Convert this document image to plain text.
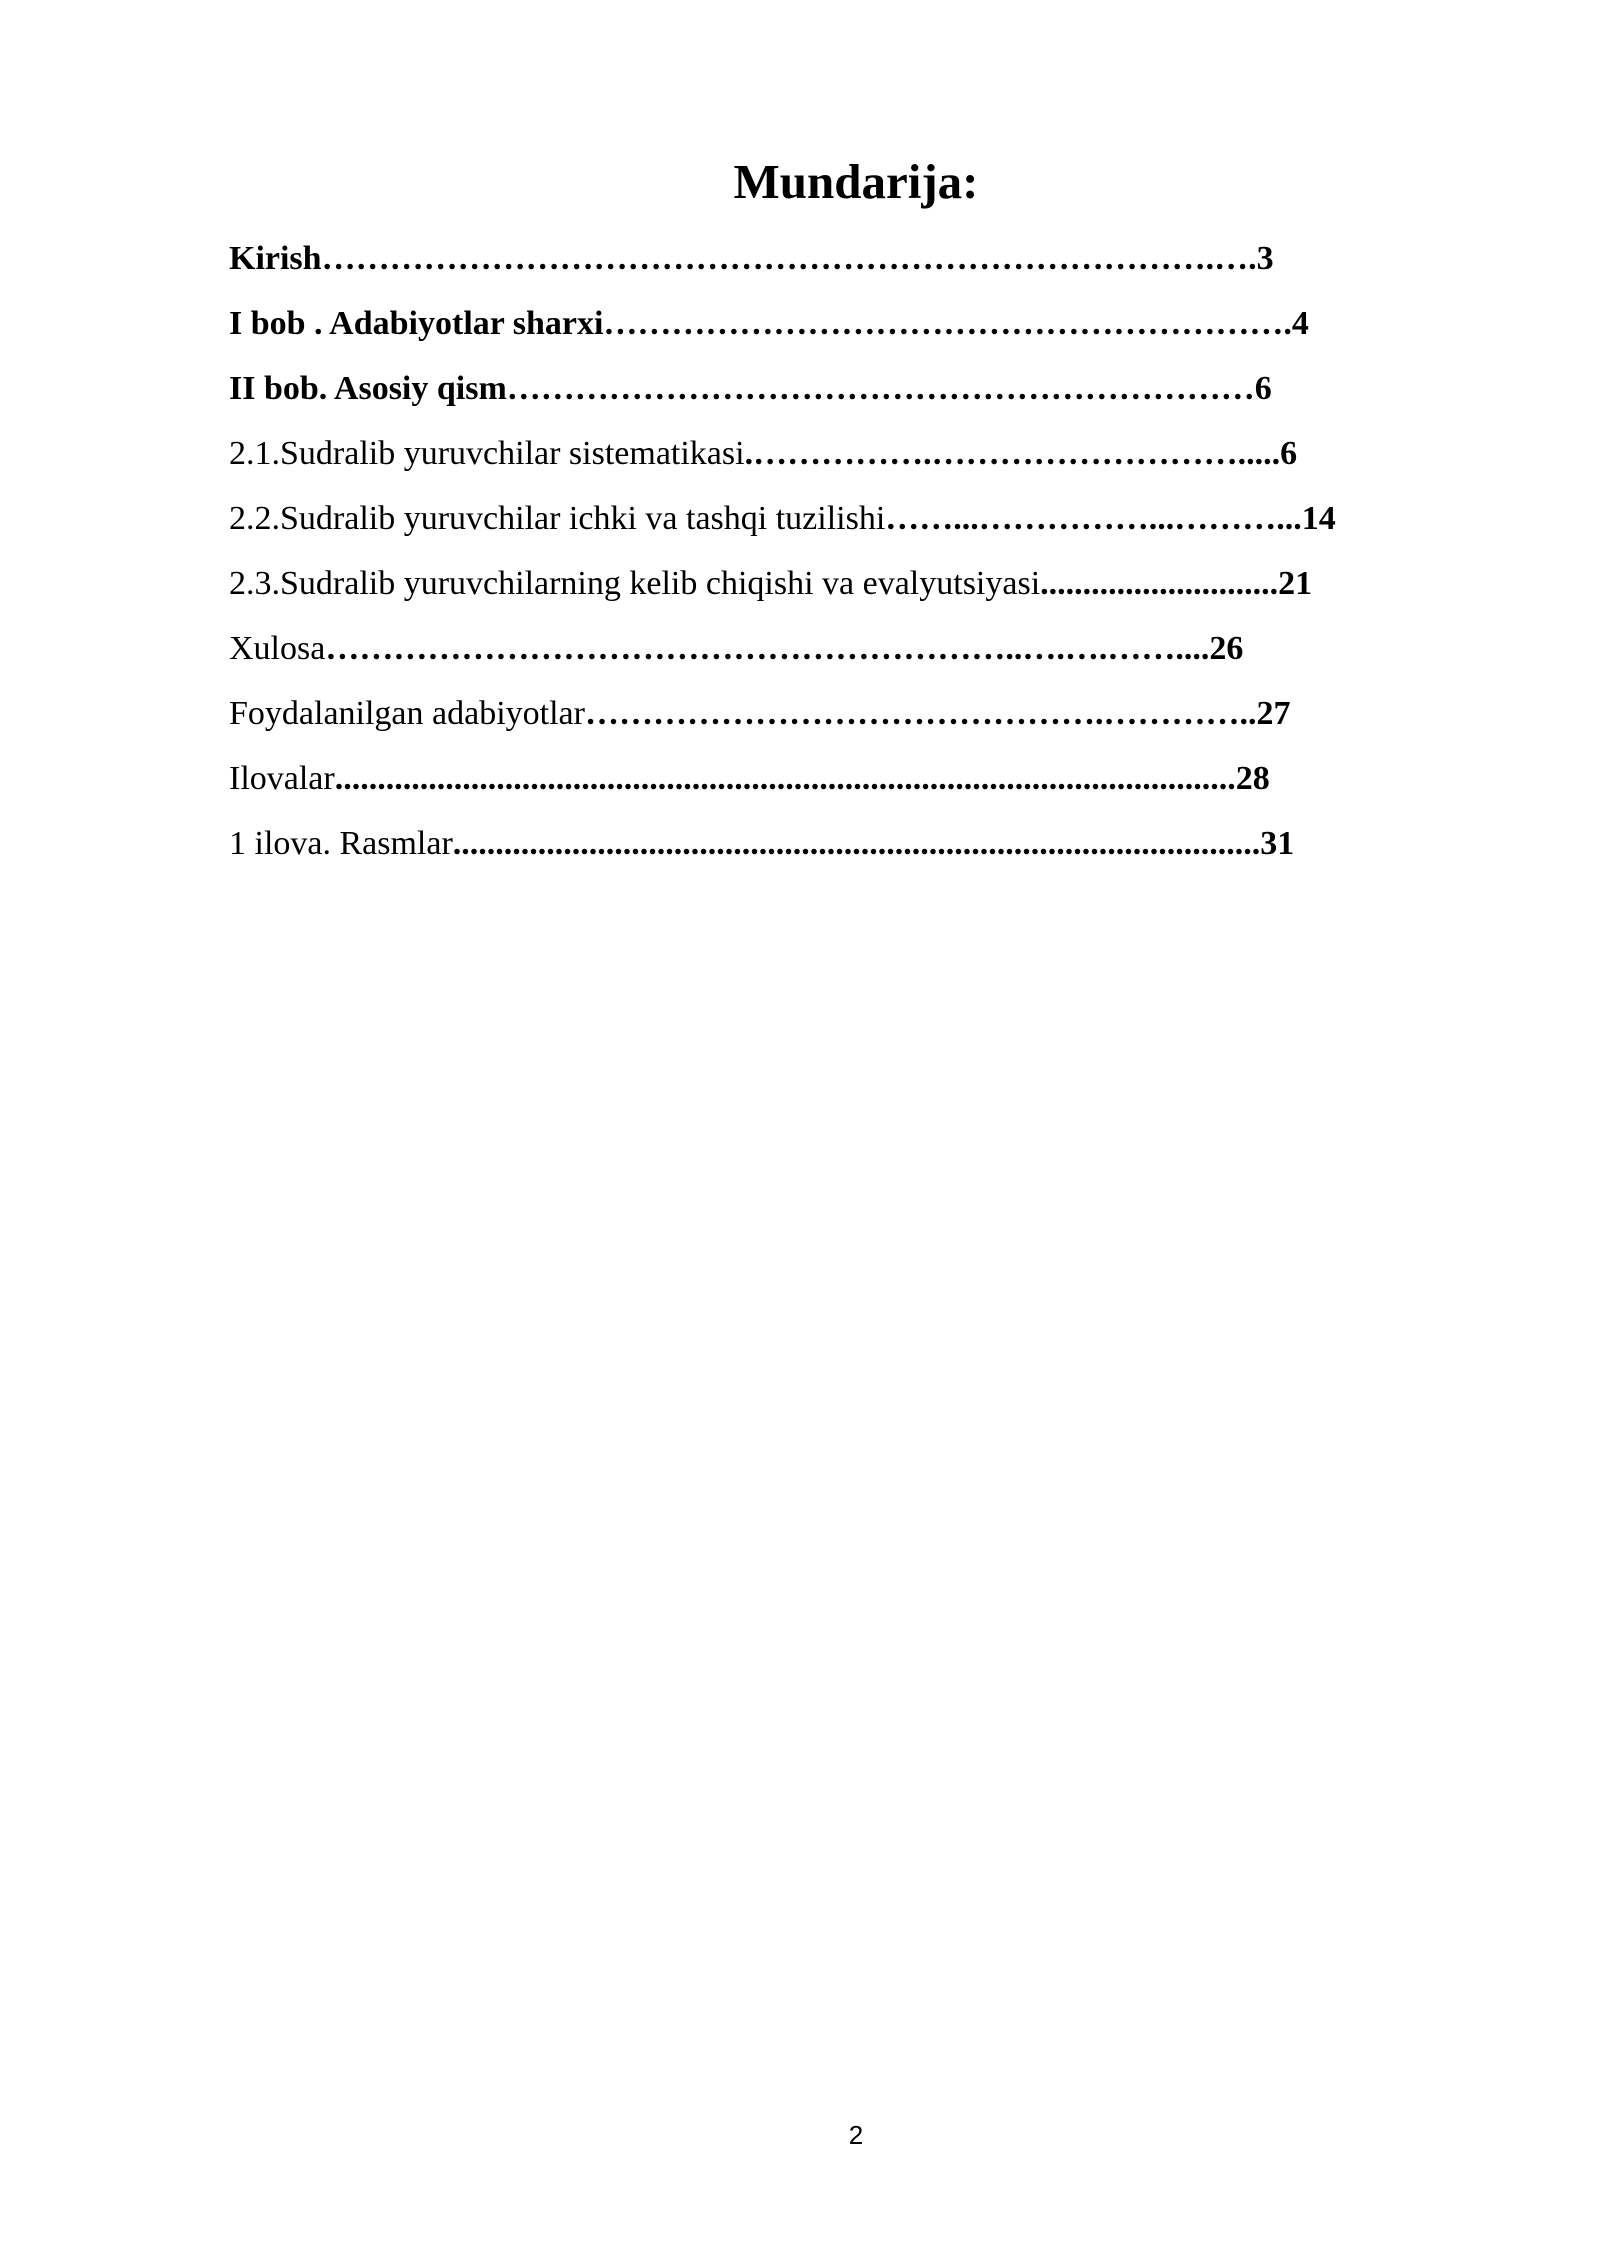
Mundarija:
Kirish…………………………………………………………………….….3
I bob . Adabiyotlar sharxi…………………………………………………….4
II bob. Asosiy qism…………………………………………………………6
2.1.Sudralib yuruvchilar sistematikasi.…………….……………………….....6
2.2.Sudralib yuruvchilar ichki va tashqi tuzilishi……...……………...………...14
2.3.Sudralib yuruvchilarning kelib chiqishi va evalyutsiyasi............................21
Xulosa……………………………………………………..….….……....26
Foydalanilgan adabiyotlar……………………………………….…………..27
Ilovalar..........................................................................................................28
1 ilova. Rasmlar...............................................................................................31
2
